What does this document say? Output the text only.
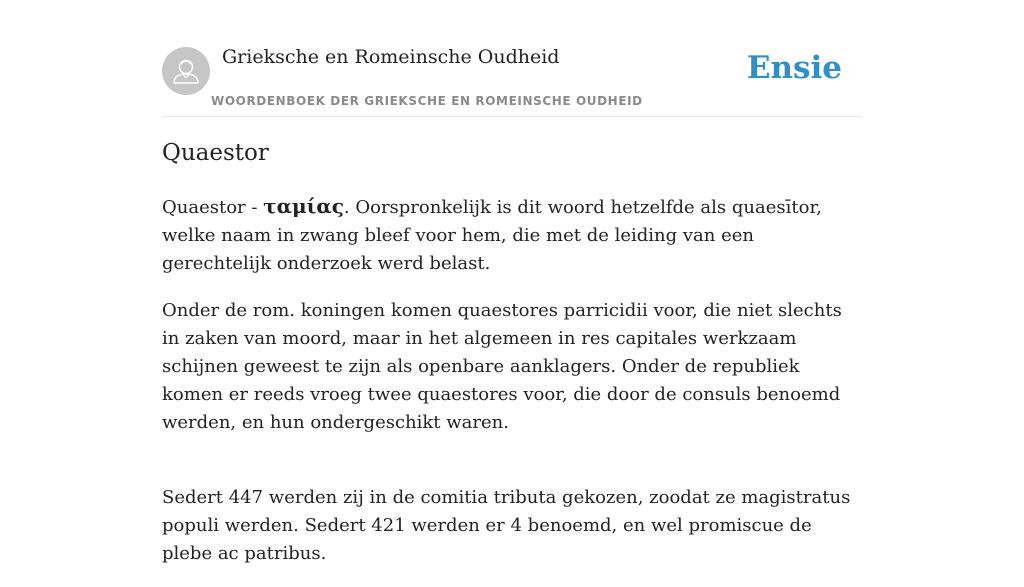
Grieksche en Romeinsche Oudheid
WOORDENBOEK DER GRIEKSCHE EN ROMEINSCHE OUDHEID
Ensie
Quaestor

Quaestor - ταμίας. Oorspronkelijk is dit woord hetzelfde als quaesītor, welke naam in zwang bleef voor hem, die met de leiding van een gerechtelijk onderzoek werd belast.

Onder de rom. koningen komen quaestores parricidii voor, die niet slechts in zaken van moord, maar in het algemeen in res capitales werkzaam schijnen geweest te zijn als openbare aanklagers. Onder de republiek komen er reeds vroeg twee quaestores voor, die door de consuls benoemd werden, en hun ondergeschikt waren.

Sedert 447 werden zij in de comitia tributa gekozen, zoodat ze magistratus populi werden. Sedert 421 werden er 4 benoemd, en wel promiscue de plebe ac patribus.
